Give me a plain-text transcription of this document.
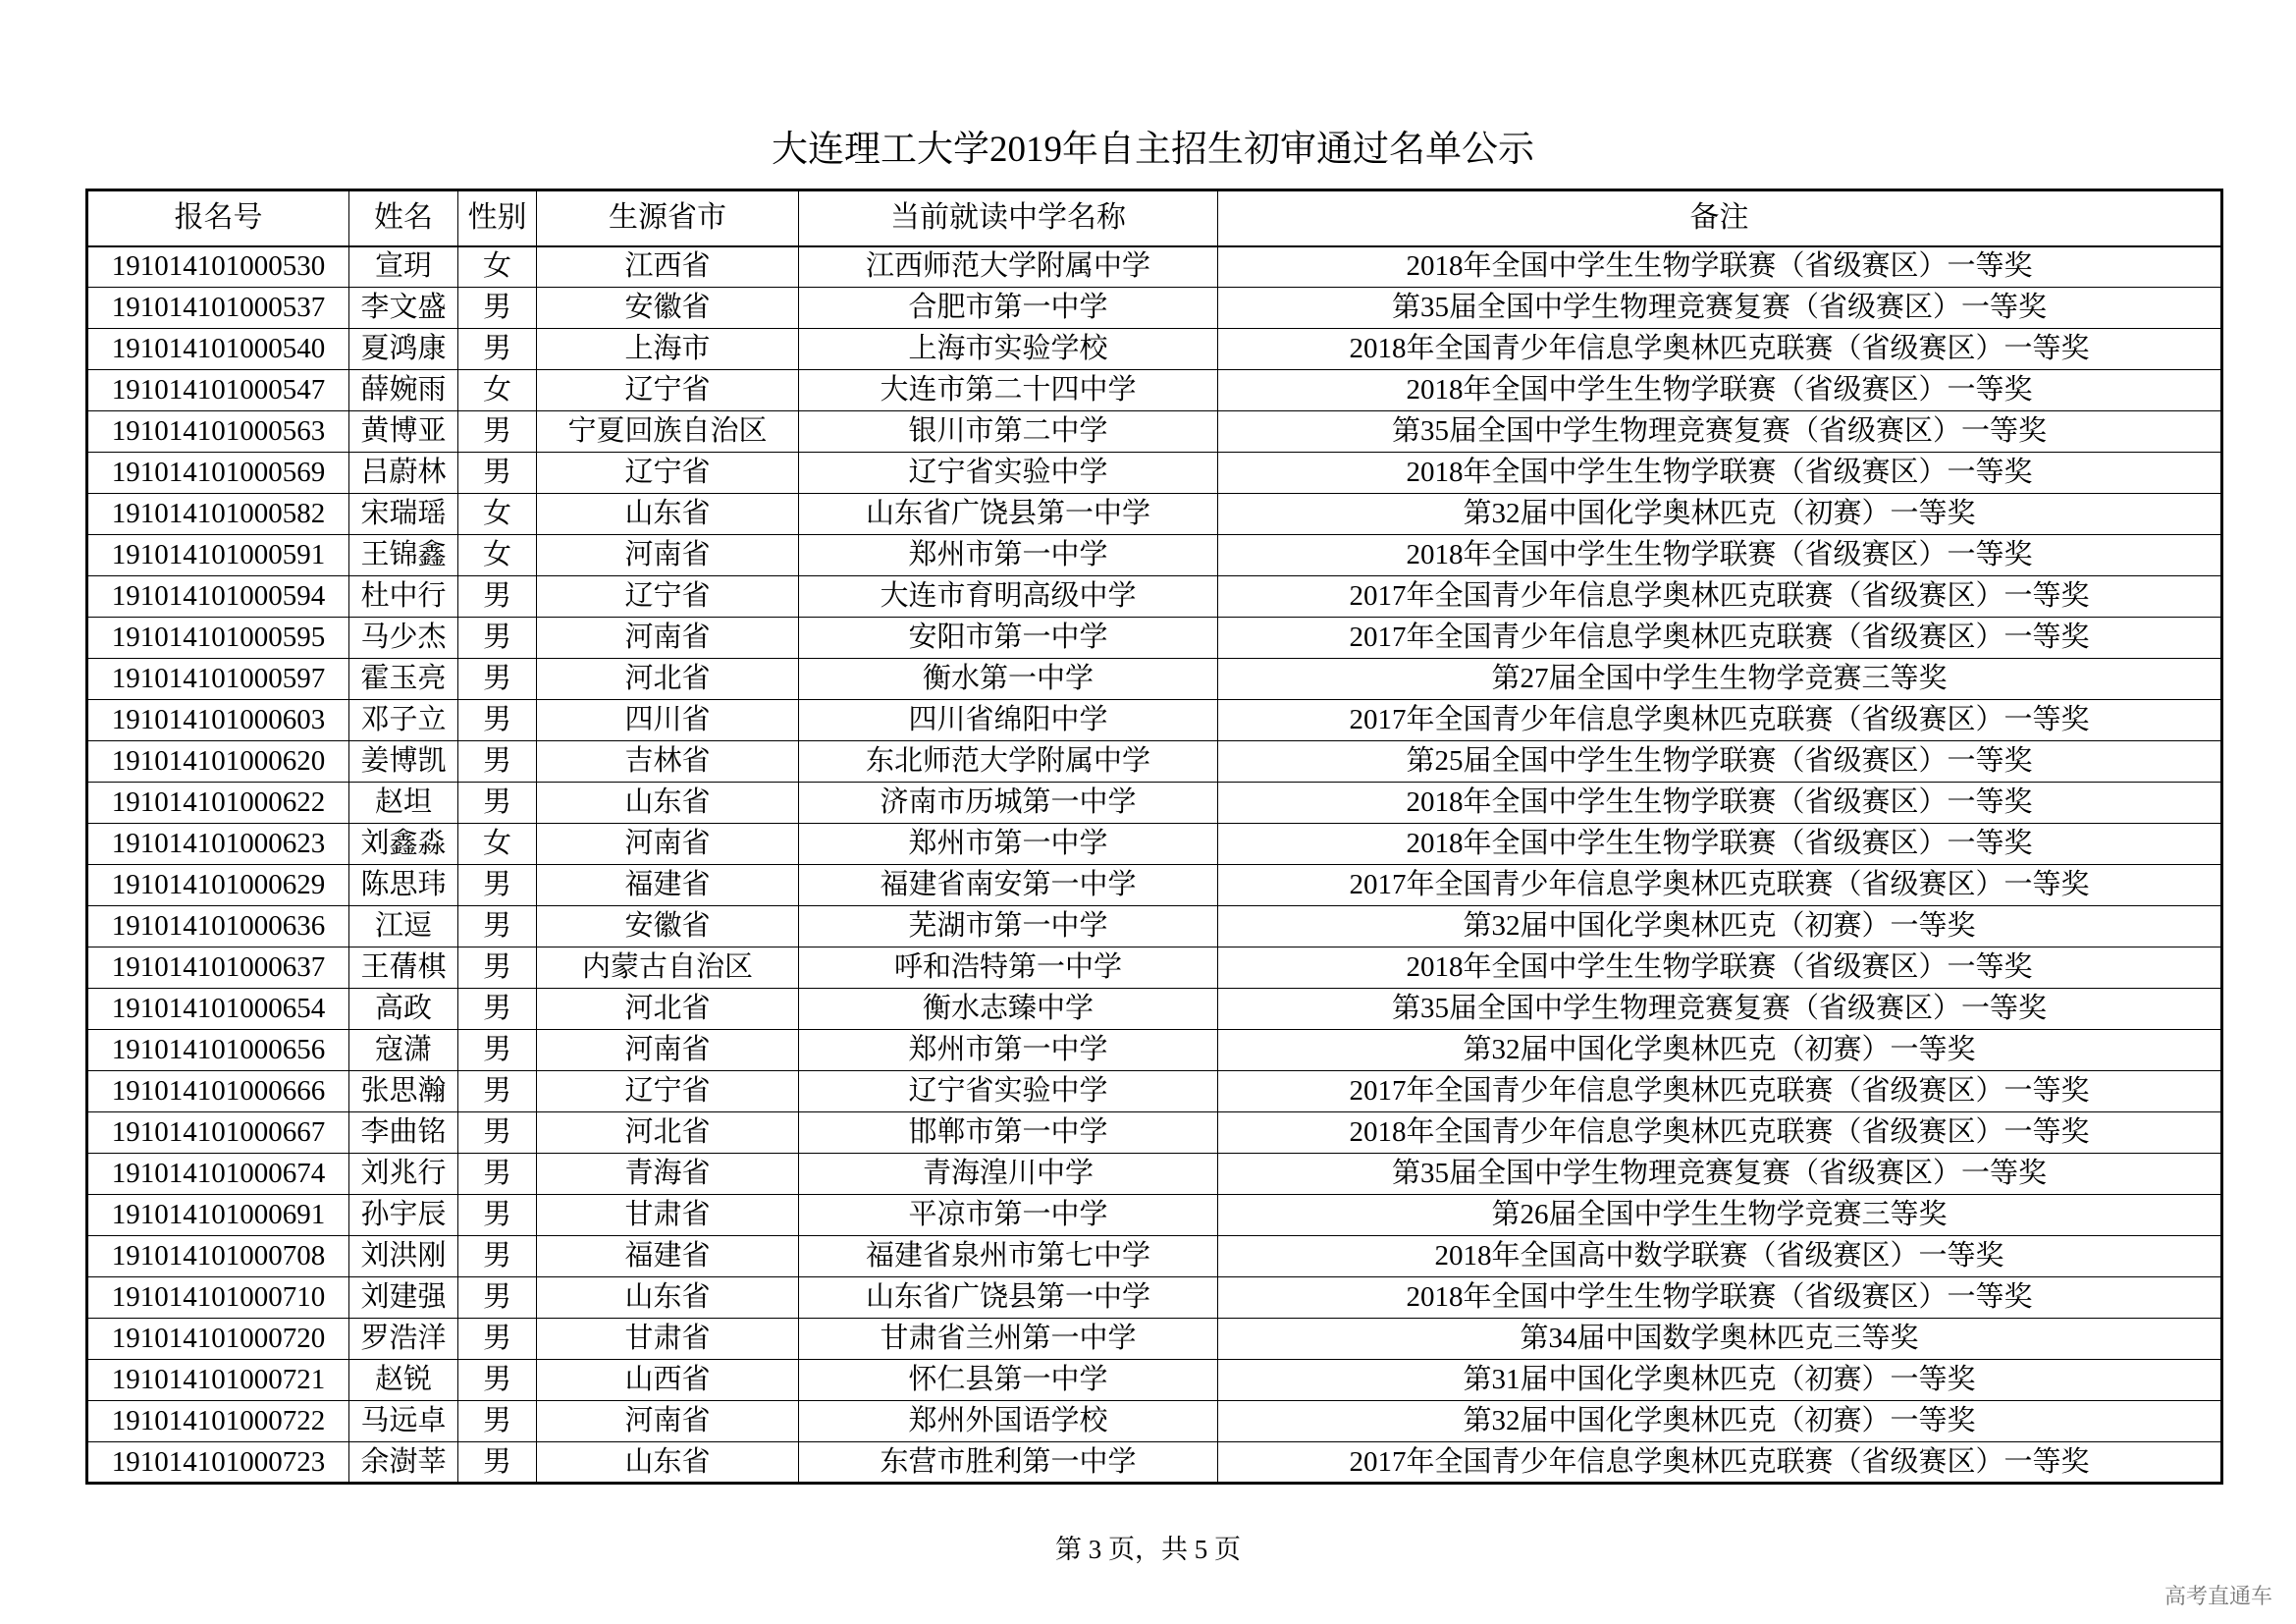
大连理工大学2019年自主招生初审通过名单公示
报名号	姓名	性别	生源省市	当前就读中学名称	备注
191014101000530	宣玥	女	江西省	江西师范大学附属中学	2018年全国中学生生物学联赛（省级赛区）一等奖
191014101000537	李文盛	男	安徽省	合肥市第一中学	第35届全国中学生物理竞赛复赛（省级赛区）一等奖
191014101000540	夏鸿康	男	上海市	上海市实验学校	2018年全国青少年信息学奥林匹克联赛（省级赛区）一等奖
191014101000547	薛婉雨	女	辽宁省	大连市第二十四中学	2018年全国中学生生物学联赛（省级赛区）一等奖
191014101000563	黄博亚	男	宁夏回族自治区	银川市第二中学	第35届全国中学生物理竞赛复赛（省级赛区）一等奖
191014101000569	吕蔚林	男	辽宁省	辽宁省实验中学	2018年全国中学生生物学联赛（省级赛区）一等奖
191014101000582	宋瑞瑶	女	山东省	山东省广饶县第一中学	第32届中国化学奥林匹克（初赛）一等奖
191014101000591	王锦鑫	女	河南省	郑州市第一中学	2018年全国中学生生物学联赛（省级赛区）一等奖
191014101000594	杜中行	男	辽宁省	大连市育明高级中学	2017年全国青少年信息学奥林匹克联赛（省级赛区）一等奖
191014101000595	马少杰	男	河南省	安阳市第一中学	2017年全国青少年信息学奥林匹克联赛（省级赛区）一等奖
191014101000597	霍玉亮	男	河北省	衡水第一中学	第27届全国中学生生物学竞赛三等奖
191014101000603	邓子立	男	四川省	四川省绵阳中学	2017年全国青少年信息学奥林匹克联赛（省级赛区）一等奖
191014101000620	姜博凯	男	吉林省	东北师范大学附属中学	第25届全国中学生生物学联赛（省级赛区）一等奖
191014101000622	赵坦	男	山东省	济南市历城第一中学	2018年全国中学生生物学联赛（省级赛区）一等奖
191014101000623	刘鑫淼	女	河南省	郑州市第一中学	2018年全国中学生生物学联赛（省级赛区）一等奖
191014101000629	陈思玮	男	福建省	福建省南安第一中学	2017年全国青少年信息学奥林匹克联赛（省级赛区）一等奖
191014101000636	江逗	男	安徽省	芜湖市第一中学	第32届中国化学奥林匹克（初赛）一等奖
191014101000637	王蒨棋	男	内蒙古自治区	呼和浩特第一中学	2018年全国中学生生物学联赛（省级赛区）一等奖
191014101000654	高政	男	河北省	衡水志臻中学	第35届全国中学生物理竞赛复赛（省级赛区）一等奖
191014101000656	寇潇	男	河南省	郑州市第一中学	第32届中国化学奥林匹克（初赛）一等奖
191014101000666	张思瀚	男	辽宁省	辽宁省实验中学	2017年全国青少年信息学奥林匹克联赛（省级赛区）一等奖
191014101000667	李曲铭	男	河北省	邯郸市第一中学	2018年全国青少年信息学奥林匹克联赛（省级赛区）一等奖
191014101000674	刘兆行	男	青海省	青海湟川中学	第35届全国中学生物理竞赛复赛（省级赛区）一等奖
191014101000691	孙宇辰	男	甘肃省	平凉市第一中学	第26届全国中学生生物学竞赛三等奖
191014101000708	刘洪刚	男	福建省	福建省泉州市第七中学	2018年全国高中数学联赛（省级赛区）一等奖
191014101000710	刘建强	男	山东省	山东省广饶县第一中学	2018年全国中学生生物学联赛（省级赛区）一等奖
191014101000720	罗浩洋	男	甘肃省	甘肃省兰州第一中学	第34届中国数学奥林匹克三等奖
191014101000721	赵锐	男	山西省	怀仁县第一中学	第31届中国化学奥林匹克（初赛）一等奖
191014101000722	马远卓	男	河南省	郑州外国语学校	第32届中国化学奥林匹克（初赛）一等奖
191014101000723	余澍莘	男	山东省	东营市胜利第一中学	2017年全国青少年信息学奥林匹克联赛（省级赛区）一等奖
第 3 页，共 5 页
高考直通车
